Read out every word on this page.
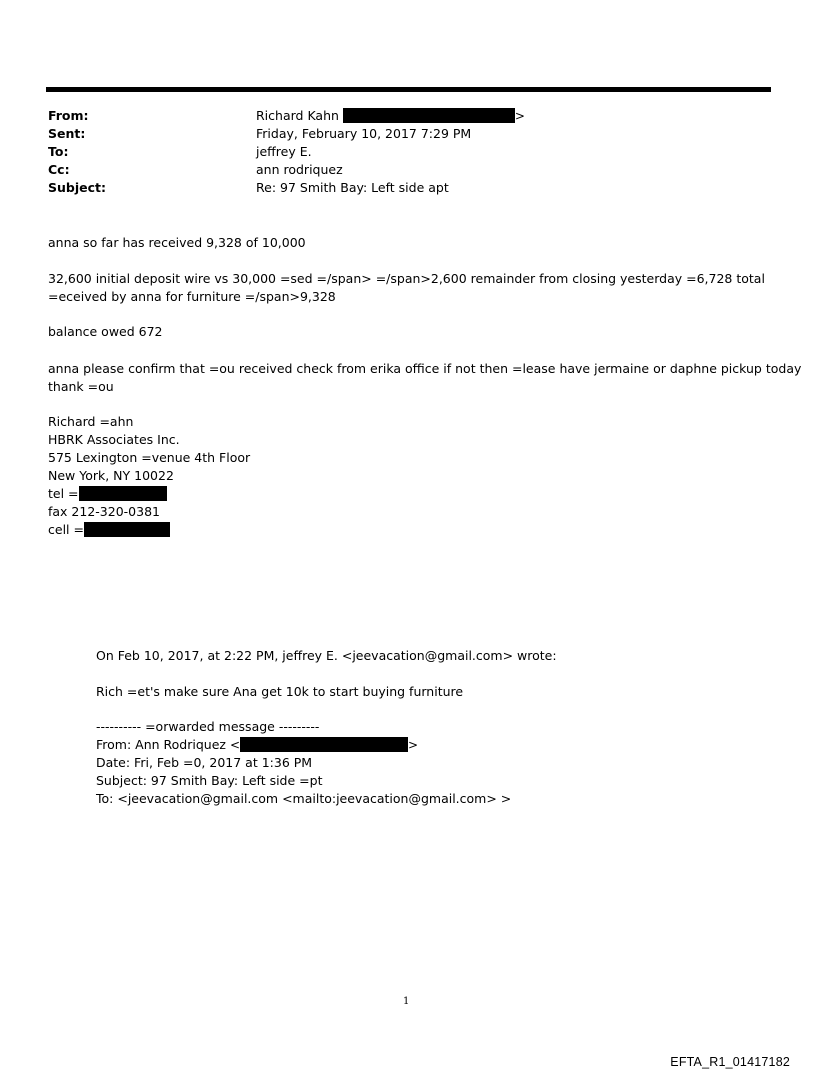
From:	Richard Kahn	>
Sent:	Friday, February 10, 2017 7:29 PM
To:	jeffrey E.
Cc:	ann rodriquez
Subject:	Re: 97 Smith Bay: Left side apt
anna so far has received 9,328 of 10,000
32,600 initial deposit wire vs 30,000 =sed =/span> =/span>2,600 remainder from closing yesterday =6,728 total
=eceived by anna for furniture =/span>9,328
balance owed 672
anna please confirm that =ou received check from erika office if not then =lease have jermaine or daphne pickup today
thank =ou
Richard =ahn
HBRK Associates Inc.
575 Lexington =venue 4th Floor
New York, NY 10022
tel =
fax 212-320-0381
cell =
On Feb 10, 2017, at 2:22 PM, jeffrey E. <jeevacation@gmail.com> wrote:
Rich =et's make sure Ana get 10k to start buying furniture
---------- =orwarded message ---------
From: Ann Rodriquez <	>
Date: Fri, Feb =0, 2017 at 1:36 PM
Subject: 97 Smith Bay: Left side =pt
To: <jeevacation@gmail.com <mailto:jeevacation@gmail.com> >
1
EFTA_R1_01417182
